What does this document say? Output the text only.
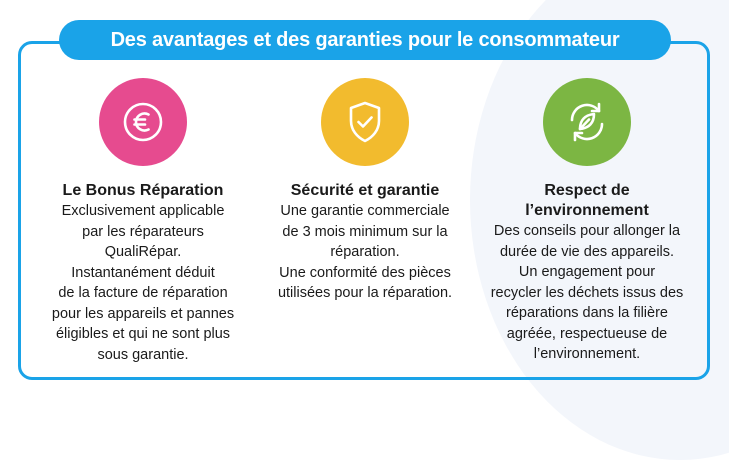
Des avantages et des garanties pour le consommateur
Le Bonus Réparation
Exclusivement applicable
par les réparateurs
QualiRépar.
Instantanément déduit
de la facture de réparation
pour les appareils et pannes
éligibles et qui ne sont plus
sous garantie.
Sécurité et garantie
Une garantie commerciale
de 3 mois minimum sur la
réparation.
Une conformité des pièces
utilisées pour la réparation.
Respect de
l’environnement
Des conseils pour allonger la
durée de vie des appareils.
Un engagement pour
recycler les déchets issus des
réparations dans la filière
agréée, respectueuse de
l’environnement.
